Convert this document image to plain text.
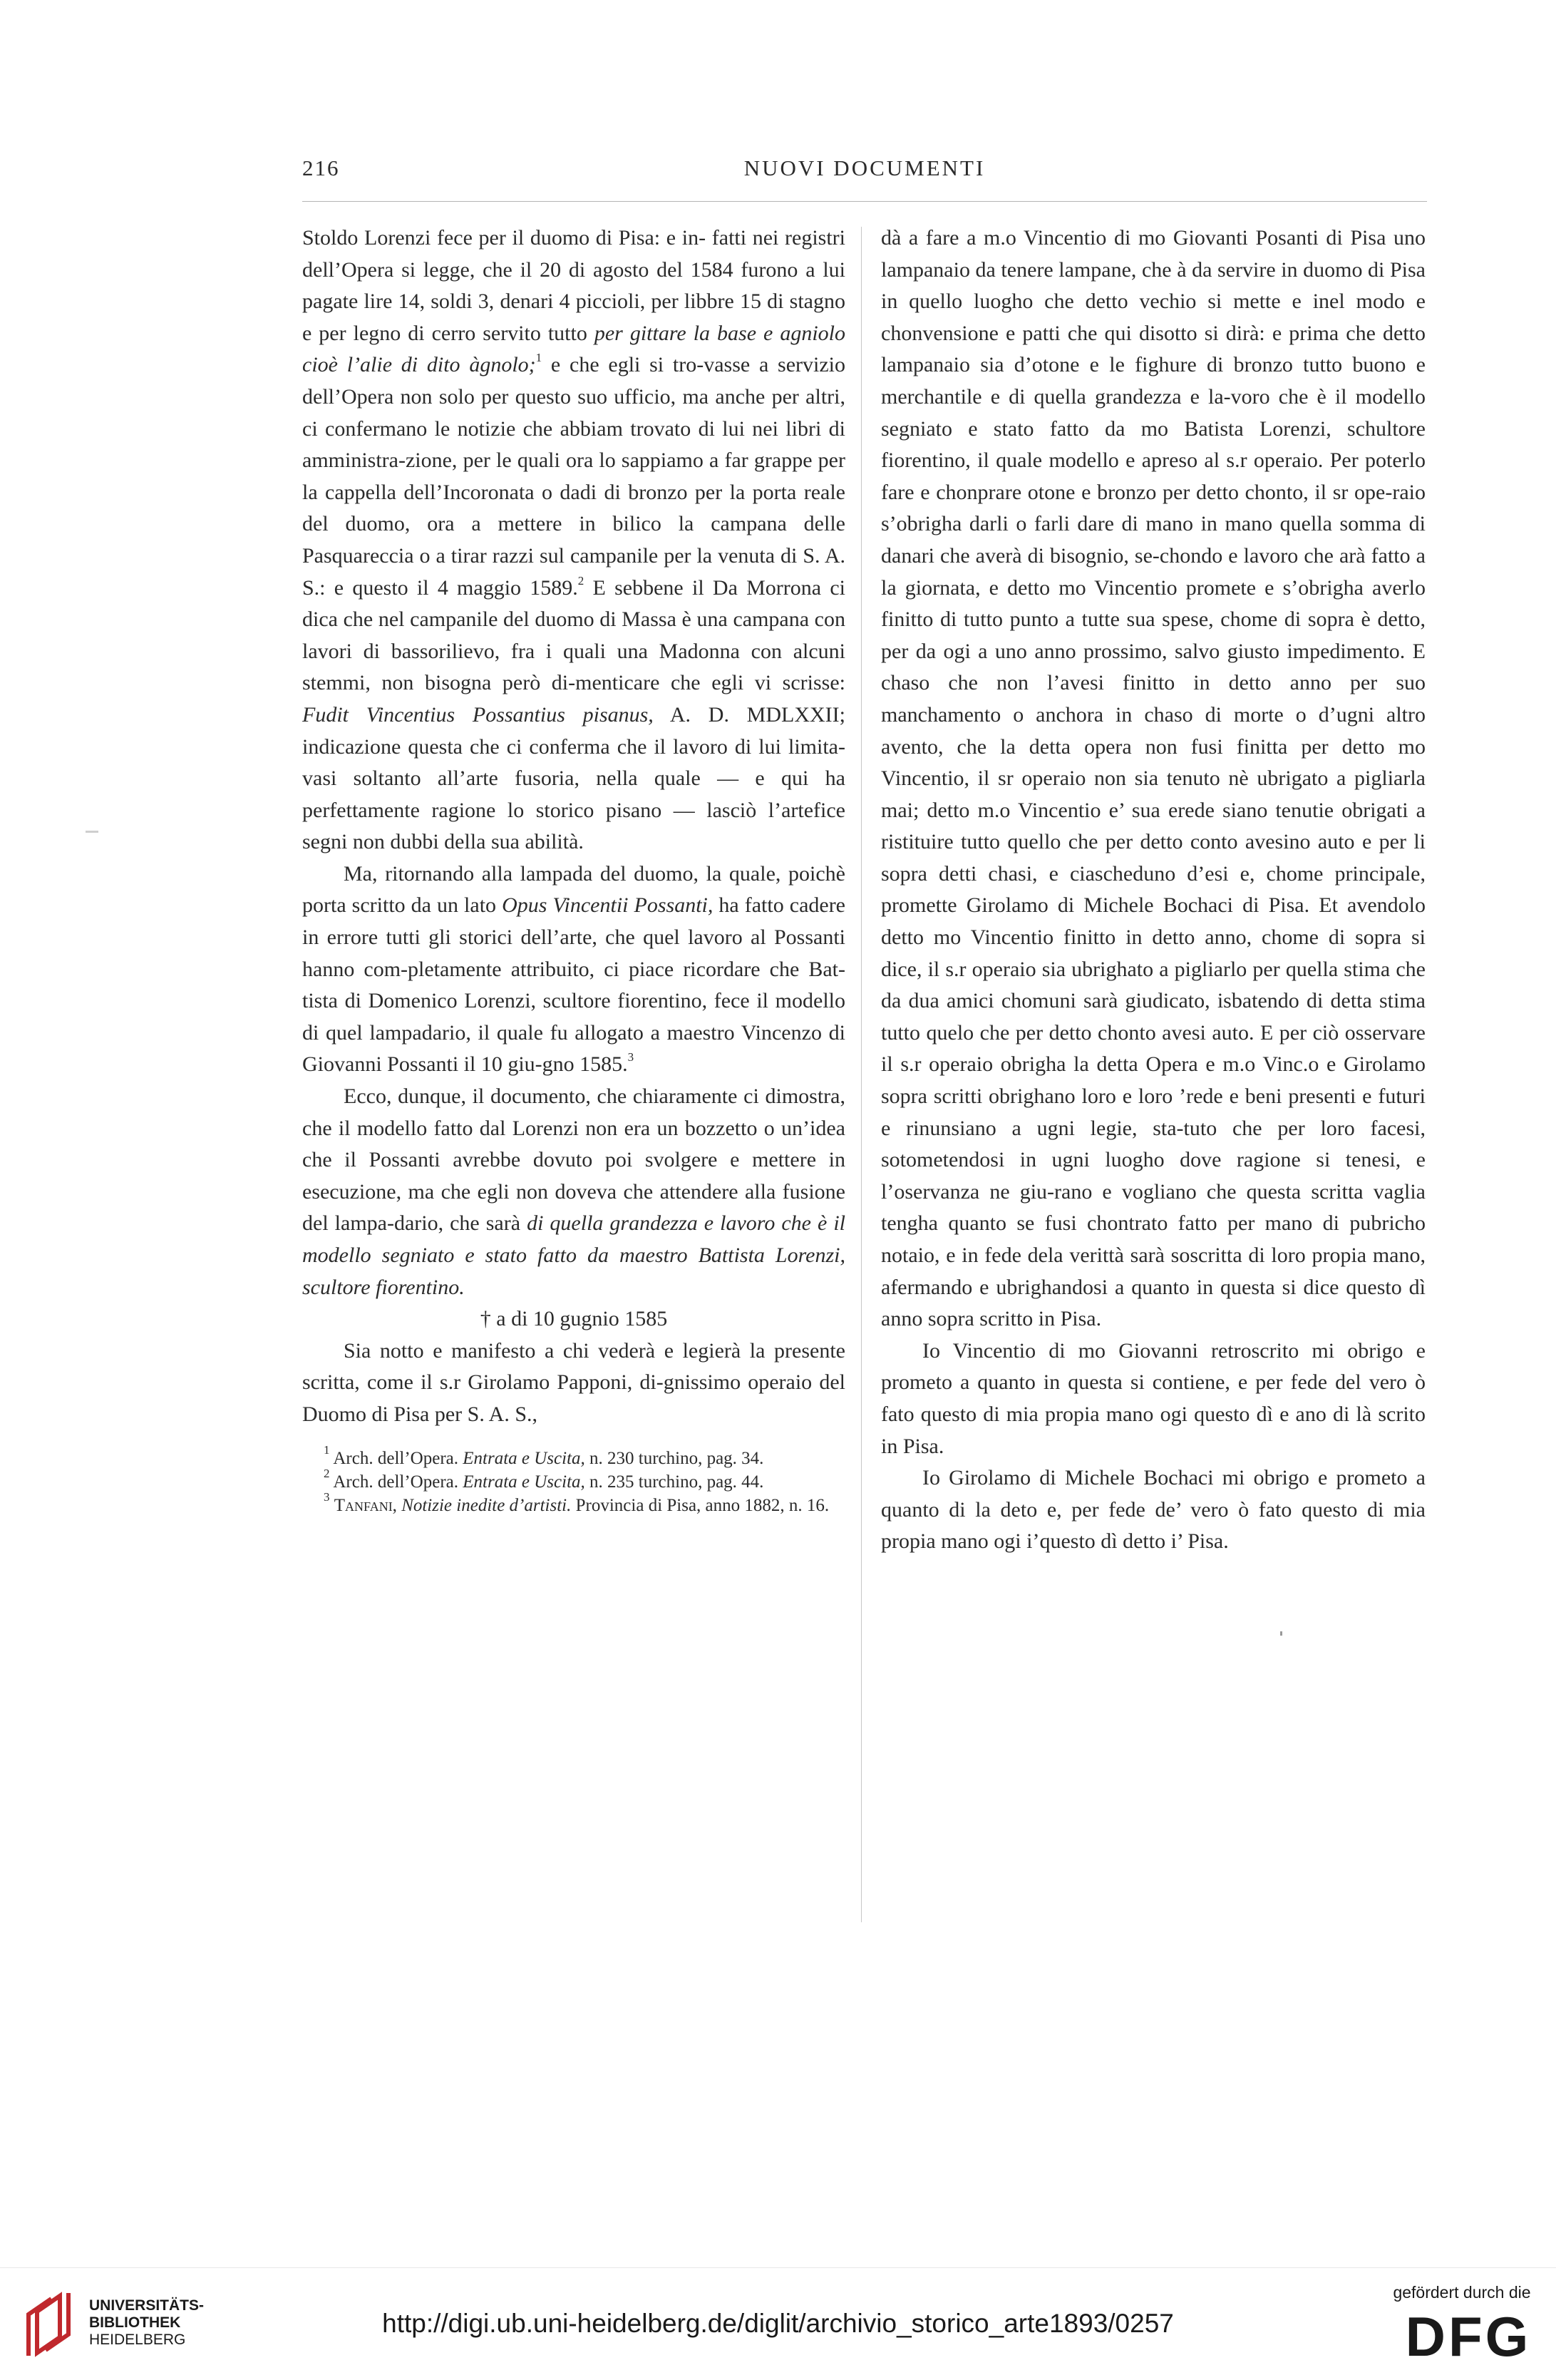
216	NUOVI DOCUMENTI

Stoldo Lorenzi fece per il duomo di Pisa: e in- fatti nei registri dell’Opera si legge, che il 20 di agosto del 1584 furono a lui pagate lire 14, soldi 3, denari 4 piccioli, per libbre 15 di stagno e per legno di cerro servito tutto per gittare la base e agniolo cioè l’alie di dito àgnolo;$^1$ e che egli si tro-vasse a servizio dell’Opera non solo per questo suo ufficio, ma anche per altri, ci confermano le notizie che abbiam trovato di lui nei libri di amministra-zione, per le quali ora lo sappiamo a far grappe per la cappella dell’Incoronata o dadi di bronzo per la porta reale del duomo, ora a mettere in bilico la campana delle Pasquareccia o a tirar razzi sul campanile per la venuta di S. A. S.: e questo il 4 maggio 1589.$^2$ E sebbene il Da Morrona ci dica che nel campanile del duomo di Massa è una campana con lavori di bassorilievo, fra i quali una Madonna con alcuni stemmi, non bisogna però di-menticare che egli vi scrisse: Fudit Vincentius Possantius pisanus, A. D. MDLXXII; indicazione questa che ci conferma che il lavoro di lui limita-vasi soltanto all’arte fusoria, nella quale — e qui ha perfettamente ragione lo storico pisano — lasciò l’artefice segni non dubbi della sua abilità.

Ma, ritornando alla lampada del duomo, la quale, poichè porta scritto da un lato Opus Vincentii Possanti, ha fatto cadere in errore tutti gli storici dell’arte, che quel lavoro al Possanti hanno com-pletamente attribuito, ci piace ricordare che Bat-tista di Domenico Lorenzi, scultore fiorentino, fece il modello di quel lampadario, il quale fu allogato a maestro Vincenzo di Giovanni Possanti il 10 giu-gno 1585.$^3$

Ecco, dunque, il documento, che chiaramente ci dimostra, che il modello fatto dal Lorenzi non era un bozzetto o un’idea che il Possanti avrebbe dovuto poi svolgere e mettere in esecuzione, ma che egli non doveva che attendere alla fusione del lampa-dario, che sarà di quella grandezza e lavoro che è il modello segniato e stato fatto da maestro Battista Lorenzi, scultore fiorentino.

† a di 10 gugnio 1585

Sia notto e manifesto a chi vederà e legierà la presente scritta, come il s.r Girolamo Papponi, di-gnissimo operaio del Duomo di Pisa per S. A. S.,

$^1$ Arch. dell’Opera. Entrata e Uscita, n. 230 turchino, pag. 34.

$^2$ Arch. dell’Opera. Entrata e Uscita, n. 235 turchino, pag. 44.

$^3$ Tanfani, Notizie inedite d’artisti. Provincia di Pisa, anno 1882, n. 16.

dà a fare a m.o Vincentio di mo Giovanti Posanti di Pisa uno lampanaio da tenere lampane, che à da servire in duomo di Pisa in quello luogho che detto vechio si mette e inel modo e chonvensione e patti che qui disotto si dirà: e prima che detto lampanaio sia d’otone e le fighure di bronzo tutto buono e merchantile e di quella grandezza e la-voro che è il modello segniato e stato fatto da mo Batista Lorenzi, schultore fiorentino, il quale modello e apreso al s.r operaio. Per poterlo fare e chonprare otone e bronzo per detto chonto, il sr ope-raio s’obrigha darli o farli dare di mano in mano quella somma di danari che averà di bisognio, se-chondo e lavoro che arà fatto a la giornata, e detto mo Vincentio promete e s’obrigha averlo finitto di tutto punto a tutte sua spese, chome di sopra è detto, per da ogi a uno anno prossimo, salvo giusto impedimento. E chaso che non l’avesi finitto in detto anno per suo manchamento o anchora in chaso di morte o d’ugni altro avento, che la detta opera non fusi finitta per detto mo Vincentio, il sr operaio non sia tenuto nè ubrigato a pigliarla mai; detto m.o Vincentio e’ sua erede siano tenutie obrigati a ristituire tutto quello che per detto conto avesino auto e per li sopra detti chasi, e ciascheduno d’esi e, chome principale, promette Girolamo di Michele Bochaci di Pisa. Et avendolo detto mo Vincentio finitto in detto anno, chome di sopra si dice, il s.r operaio sia ubrighato a pigliarlo per quella stima che da dua amici chomuni sarà giudicato, isbatendo di detta stima tutto quelo che per detto chonto avesi auto. E per ciò osservare il s.r operaio obrigha la detta Opera e m.o Vinc.o e Girolamo sopra scritti obrighano loro e loro ’rede e beni presenti e futuri e rinunsiano a ugni legie, sta-tuto che per loro facesi, sotometendosi in ugni luogho dove ragione si tenesi, e l’oservanza ne giu-rano e vogliano che questa scritta vaglia tengha quanto se fusi chontrato fatto per mano di pubricho notaio, e in fede dela verittà sarà soscritta di loro propia mano, afermando e ubrighandosi a quanto in questa si dice questo dì anno sopra scritto in Pisa.

Io Vincentio di mo Giovanni retroscrito mi obrigo e prometo a quanto in questa si contiene, e per fede del vero ò fato questo di mia propia mano ogi questo dì e ano di là scrito in Pisa.

Io Girolamo di Michele Bochaci mi obrigo e prometo a quanto di la deto e, per fede de’ vero ò fato questo di mia propia mano ogi i’questo dì detto i’ Pisa.

UNIVERSITÄTS-
BIBLIOTHEK
HEIDELBERG
http://digi.ub.uni-heidelberg.de/diglit/archivio_storico_arte1893/0257
gefördert durch die
DFG
